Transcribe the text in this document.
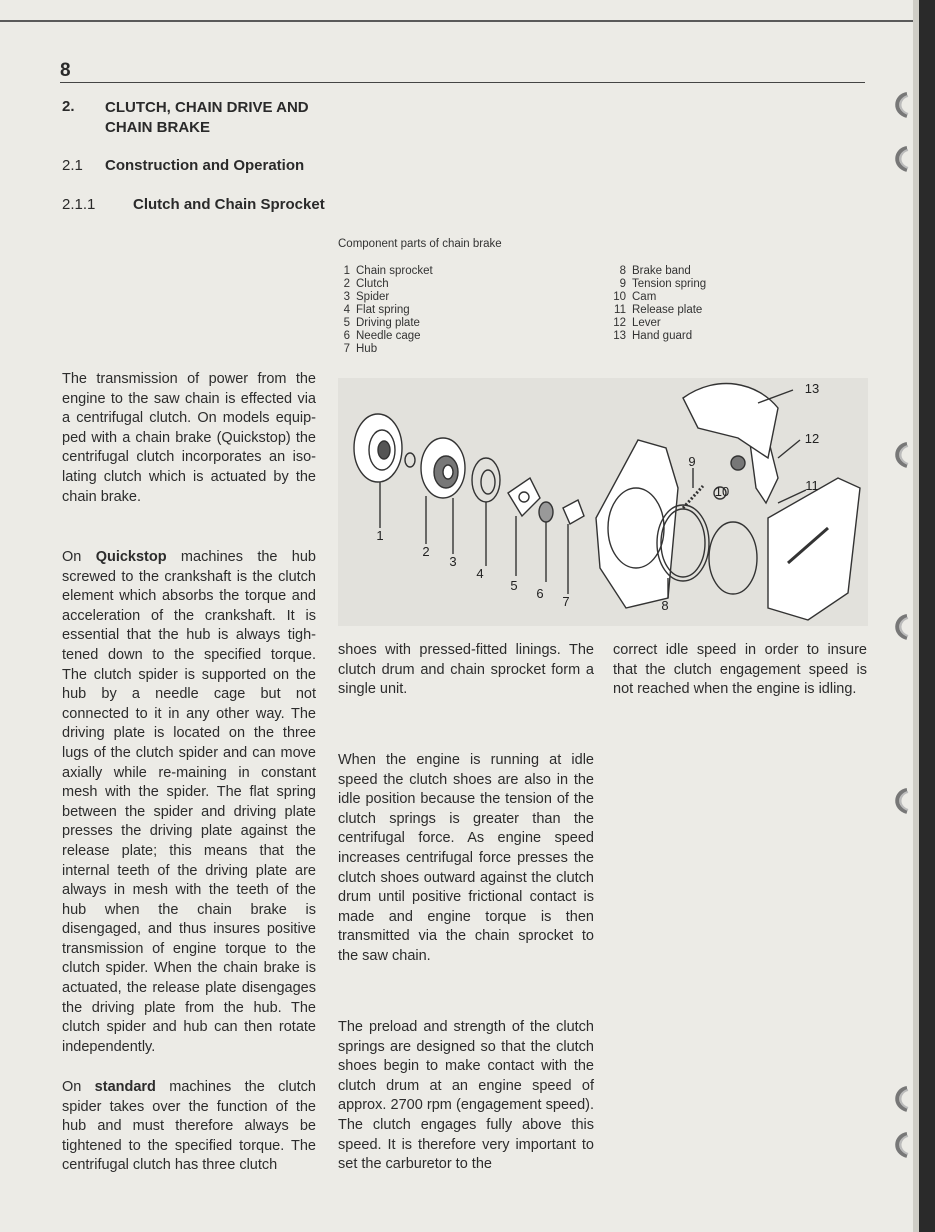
8
2. CLUTCH, CHAIN DRIVE AND
CHAIN BRAKE
2.1 Construction and Operation
2.1.1	Clutch and Chain Sprocket
Component parts of chain brake
1 Chain sprocket
2 Clutch
3 Spider
4 Flat spring
5 Driving plate
6 Needle cage
7 Hub
8 Brake band
9 Tension spring
10 Cam
11 Release plate
12 Lever
13 Hand guard
1
2
3
4
5
6
7	8
9
10	11
12
13

The transmission of power from the engine to the saw chain is effected via a centrifugal clutch. On models equip-ped with a chain brake (Quickstop) the centrifugal clutch incorporates an iso-lating clutch which is actuated by the chain brake.

On Quickstop machines the hub screwed to the crankshaft is the clutch element which absorbs the torque and acceleration of the crankshaft. It is essential that the hub is always tigh-tened down to the specified torque. The clutch spider is supported on the hub by a needle cage but not connected to it in any other way. The driving plate is located on the three lugs of the clutch spider and can move axially while re-maining in constant mesh with the spider. The flat spring between the spider and driving plate presses the driving plate against the release plate; this means that the internal teeth of the driving plate are always in mesh with the teeth of the hub when the chain brake is disengaged, and thus insures positive transmission of engine torque to the clutch spider. When the chain brake is actuated, the release plate disengages the driving plate from the hub. The clutch spider and hub can then rotate independently.

On standard machines the clutch spider takes over the function of the hub and must therefore always be tightened to the specified torque. The centrifugal clutch has three clutch

shoes with pressed-fitted linings. The clutch drum and chain sprocket form a single unit.

When the engine is running at idle speed the clutch shoes are also in the idle position because the tension of the clutch springs is greater than the centrifugal force. As engine speed increases centrifugal force presses the clutch shoes outward against the clutch drum until positive frictional contact is made and engine torque is then transmitted via the chain sprocket to the saw chain.

The preload and strength of the clutch springs are designed so that the clutch shoes begin to make contact with the clutch drum at an engine speed of approx. 2700 rpm (engagement speed). The clutch engages fully above this speed. It is therefore very important to set the carburetor to the

correct idle speed in order to insure that the clutch engagement speed is not reached when the engine is idling.
